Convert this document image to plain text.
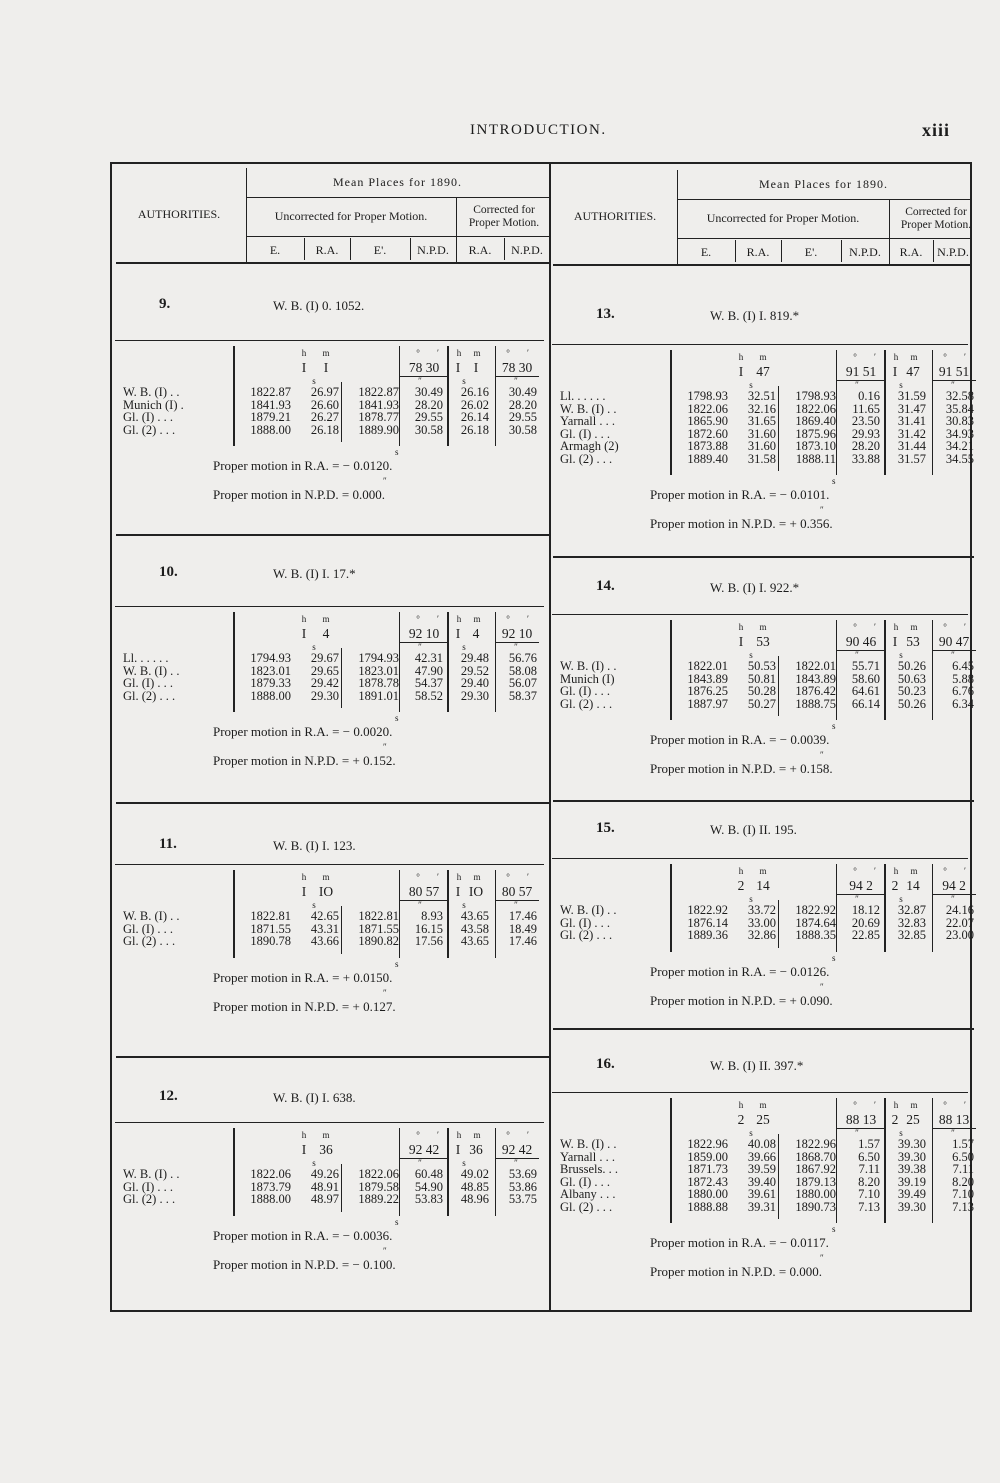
INTRODUCTION.	xiii
AUTHORITIES.
Mean Places for 1890.
Uncorrected for Proper Motion.	Corrected for Proper Motion.
E.	R.A.	E'.	N.P.D.	R.A.	N.P.D.
AUTHORITIES.
Mean Places for 1890.
Uncorrected for Proper Motion.	Corrected for Proper Motion.
E.	R.A.	E'.	N.P.D.	R.A.	N.P.D.
9.	W. B. (I) 0. 1052.
h	m	°	′	h	m	°	′
I	I	78 30	I	I	78 30
s	″	s	″
W. B. (I) . .	1822.87	26.97	1822.87	30.49	26.16	30.49
Munich (I) .	1841.93	26.60	1841.93	28.20	26.02	28.20
Gl. (I) . . .	1879.21	26.27	1878.77	29.55	26.14	29.55
Gl. (2) . . .	1888.00	26.18	1889.90	30.58	26.18	30.58
s
Proper motion in R.A. = − 0.0120.
″
Proper motion in N.P.D. = 0.000.
10.	W. B. (I) I. 17.*
h	m	°	′	h	m	°	′
I	4	92 10	I 4	92 10
s	″	s	″
Ll. . . . . .	1794.93	29.67	1794.93	42.31	29.48	56.76
W. B. (I) . .	1823.01	29.65	1823.01	47.90	29.52	58.08
Gl. (I) . . .	1879.33	29.42	1878.78	54.37	29.40	56.07
Gl. (2) . . .	1888.00	29.30	1891.01	58.52	29.30	58.37
s
Proper motion in R.A. = − 0.0020.
″
Proper motion in N.P.D. = + 0.152.
11.	W. B. (I) I. 123.
h	m	°	′	h	m	°	′
I IO	80 57	I IO	80 57
s	″	s	″
W. B. (I) . .	1822.81	42.65	1822.81	8.93	43.65	17.46
Gl. (I) . . .	1871.55	43.31	1871.55	16.15	43.58	18.49
Gl. (2) . . .	1890.78	43.66	1890.82	17.56	43.65	17.46
s
Proper motion in R.A. = + 0.0150.
″
Proper motion in N.P.D. = + 0.127.
12.	W. B. (I) I. 638.
h	m	°	′	h	m	°	′
I 36	92 42	I 36	92 42
s	″	s	″
W. B. (I) . .	1822.06	49.26	1822.06	60.48	49.02	53.69
Gl. (I) . . .	1873.79	48.91	1879.58	54.90	48.85	53.86
Gl. (2) . . .	1888.00	48.97	1889.22	53.83	48.96	53.75
s
Proper motion in R.A. = − 0.0036.
″
Proper motion in N.P.D. = − 0.100.
13.	W. B. (I) I. 819.*
h	m	°	′	h	m	°	′
I 47	91 51	I 47	91 51
s	″	s	″
Ll. . . . . .	1798.93	32.51	1798.93	0.16	31.59	32.58
W. B. (I) . .	1822.06	32.16	1822.06	11.65	31.47	35.84
Yarnall . . .	1865.90	31.65	1869.40	23.50	31.41	30.83
Gl. (I) . . .	1872.60	31.60	1875.96	29.93	31.42	34.93
Armagh (2)	1873.88	31.60	1873.10	28.20	31.44	34.21
Gl. (2) . . .	1889.40	31.58	1888.11	33.88	31.57	34.55
s
Proper motion in R.A. = − 0.0101.
″
Proper motion in N.P.D. = + 0.356.
14.	W. B. (I) I. 922.*
h	m	°	′	h	m	°	′
I 53	90 46	I 53	90 47
s	″	s	″
W. B. (I) . .	1822.01	50.53	1822.01	55.71	50.26	6.45
Munich (I)	1843.89	50.81	1843.89	58.60	50.63	5.88
Gl. (I) . . .	1876.25	50.28	1876.42	64.61	50.23	6.76
Gl. (2) . . .	1887.97	50.27	1888.75	66.14	50.26	6.34
s
Proper motion in R.A. = − 0.0039.
″
Proper motion in N.P.D. = + 0.158.
15.	W. B. (I) II. 195.
h	m	°	′	h	m	°	′
2 14	94 2	2 14	94 2
s	″	s	″
W. B. (I) . .	1822.92	33.72	1822.92	18.12	32.87	24.16
Gl. (I) . . .	1876.14	33.00	1874.64	20.69	32.83	22.07
Gl. (2) . . .	1889.36	32.86	1888.35	22.85	32.85	23.00
s
Proper motion in R.A. = − 0.0126.
″
Proper motion in N.P.D. = + 0.090.
16.	W. B. (I) II. 397.*
h	m	°	′	h	m	°	′
2 25	88 13	2 25	88 13
s	″	s	″
W. B. (I) . .	1822.96	40.08	1822.96	1.57	39.30	1.57
Yarnall . . .	1859.00	39.66	1868.70	6.50	39.30	6.50
Brussels. . .	1871.73	39.59	1867.92	7.11	39.38	7.11
Gl. (I) . . .	1872.43	39.40	1879.13	8.20	39.19	8.20
Albany . . .	1880.00	39.61	1880.00	7.10	39.49	7.10
Gl. (2) . . .	1888.88	39.31	1890.73	7.13	39.30	7.13
s
Proper motion in R.A. = − 0.0117.
″
Proper motion in N.P.D. = 0.000.
